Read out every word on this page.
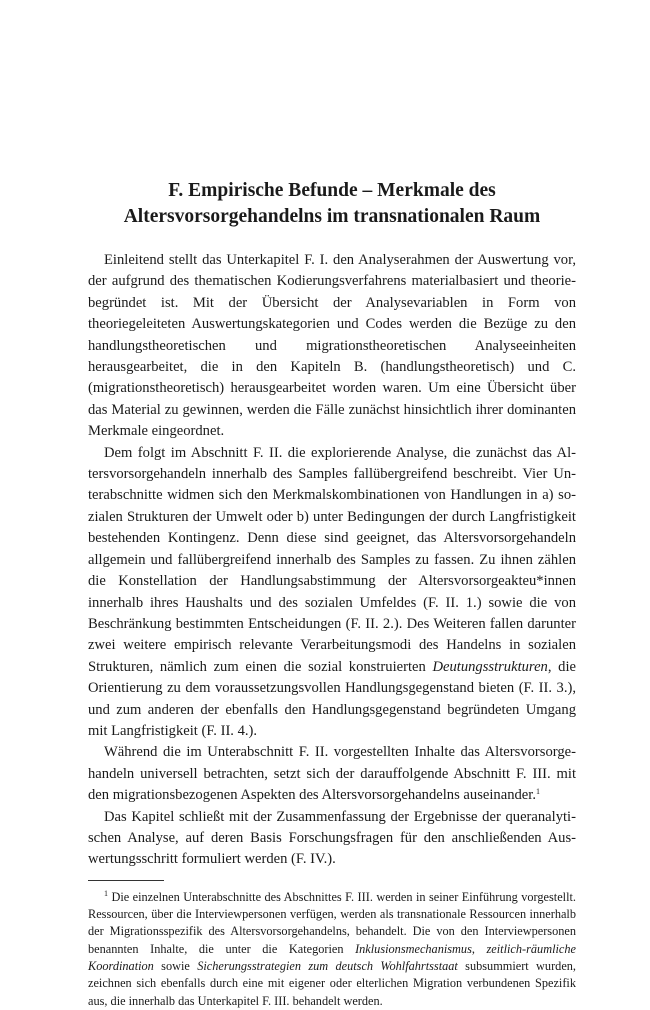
F. Empirische Befunde – Merkmale des
Altersvorsorgehandelns im transnationalen Raum

Einleitend stellt das Unterkapitel F. I. den Analyserahmen der Auswertung vor, der aufgrund des thematischen Kodierungsverfahrens materialbasiert und theoriebegründet ist. Mit der Übersicht der Analysevariablen in Form von theoriegeleiteten Auswertungskategorien und Codes werden die Bezüge zu den handlungstheoretischen und migrationstheoretischen Analyseeinheiten herausgearbeitet, die in den Kapiteln B. (handlungstheoretisch) und C. (migrationstheoretisch) herausgearbeitet worden waren. Um eine Übersicht über das Material zu gewinnen, werden die Fälle zunächst hinsichtlich ihrer dominanten Merkmale eingeordnet.

Dem folgt im Abschnitt F. II. die explorierende Analyse, die zunächst das Altersvorsorgehandeln innerhalb des Samples fallübergreifend beschreibt. Vier Unterabschnitte widmen sich den Merkmalskombinationen von Handlungen in a) sozialen Strukturen der Umwelt oder b) unter Bedingungen der durch Langfristigkeit bestehenden Kontingenz. Denn diese sind geeignet, das Altersvorsorgehandeln allgemein und fallübergreifend innerhalb des Samples zu fassen. Zu ihnen zählen die Konstellation der Handlungsabstimmung der Altersvorsorgeakteu*innen innerhalb ihres Haushalts und des sozialen Umfeldes (F. II. 1.) sowie die von Beschränkung bestimmten Entscheidungen (F. II. 2.). Des Weiteren fallen darunter zwei weitere empirisch relevante Verarbeitungsmodi des Handelns in sozialen Strukturen, nämlich zum einen die sozial konstruierten Deutungsstrukturen, die Orientierung zu dem voraussetzungsvollen Handlungsgegenstand bieten (F. II. 3.), und zum anderen der ebenfalls den Handlungsgegenstand begründeten Umgang mit Langfristigkeit (F. II. 4.).

Während die im Unterabschnitt F. II. vorgestellten Inhalte das Altersvorsorgehandeln universell betrachten, setzt sich der darauffolgende Abschnitt F. III. mit den migrationsbezogenen Aspekten des Altersvorsorgehandelns auseinander.$^1$

Das Kapitel schließt mit der Zusammenfassung der Ergebnisse der queranalytischen Analyse, auf deren Basis Forschungsfragen für den anschließenden Auswertungsschritt formuliert werden (F. IV.).

$^1$ Die einzelnen Unterabschnitte des Abschnittes F. III. werden in seiner Einführung vorgestellt. Ressourcen, über die Interviewpersonen verfügen, werden als transnationale Ressourcen innerhalb der Migrationsspezifik des Altersvorsorgehandelns, behandelt. Die von den Interviewpersonen benannten Inhalte, die unter die Kategorien Inklusionsmechanismus, zeitlich-räumliche Koordination sowie Sicherungsstrategien zum deutsch Wohlfahrtsstaat subsummiert wurden, zeichnen sich ebenfalls durch eine mit eigener oder elterlichen Migration verbundenen Spezifik aus, die innerhalb das Unterkapitel F. III. behandelt werden.
